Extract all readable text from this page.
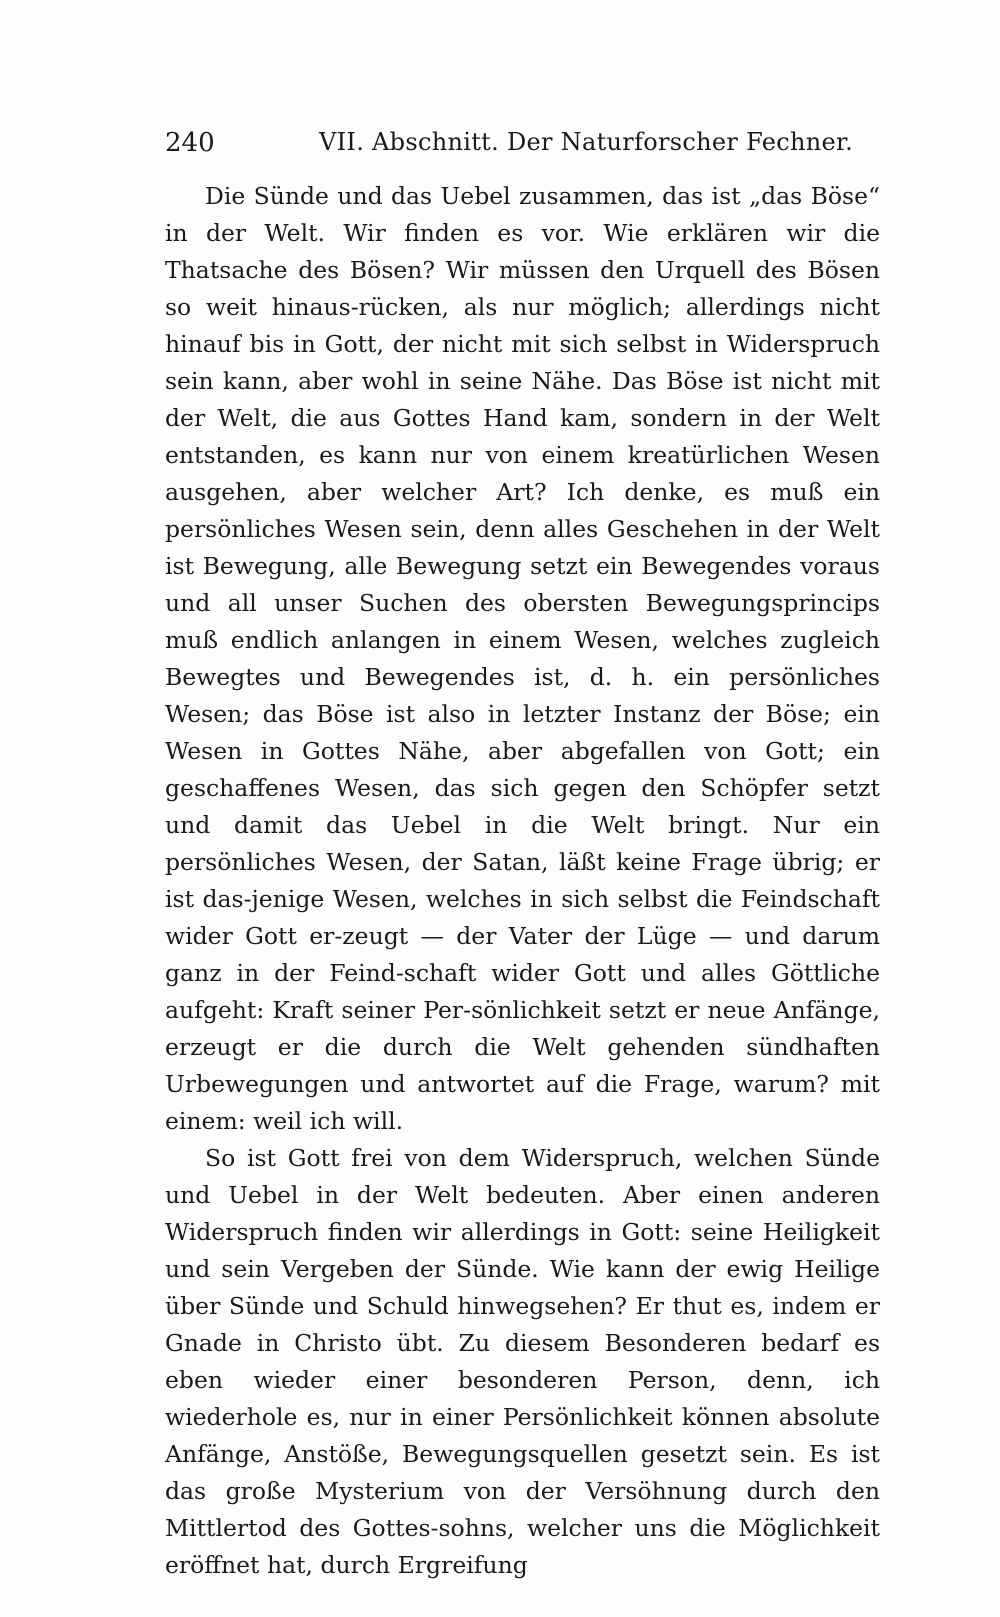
240	VII. Abschnitt. Der Naturforscher Fechner.

Die Sünde und das Uebel zusammen, das ist „das Böse“ in der Welt. Wir finden es vor. Wie erklären wir die Thatsache des Bösen? Wir müssen den Urquell des Bösen so weit hinaus-rücken, als nur möglich; allerdings nicht hinauf bis in Gott, der nicht mit sich selbst in Widerspruch sein kann, aber wohl in seine Nähe. Das Böse ist nicht mit der Welt, die aus Gottes Hand kam, sondern in der Welt entstanden, es kann nur von einem kreatürlichen Wesen ausgehen, aber welcher Art? Ich denke, es muß ein persönliches Wesen sein, denn alles Geschehen in der Welt ist Bewegung, alle Bewegung setzt ein Bewegendes voraus und all unser Suchen des obersten Bewegungsprincips muß endlich anlangen in einem Wesen, welches zugleich Bewegtes und Bewegendes ist, d. h. ein persönliches Wesen; das Böse ist also in letzter Instanz der Böse; ein Wesen in Gottes Nähe, aber abgefallen von Gott; ein geschaffenes Wesen, das sich gegen den Schöpfer setzt und damit das Uebel in die Welt bringt. Nur ein persönliches Wesen, der Satan, läßt keine Frage übrig; er ist das-jenige Wesen, welches in sich selbst die Feindschaft wider Gott er-zeugt — der Vater der Lüge — und darum ganz in der Feind-schaft wider Gott und alles Göttliche aufgeht: Kraft seiner Per-sönlichkeit setzt er neue Anfänge, erzeugt er die durch die Welt gehenden sündhaften Urbewegungen und antwortet auf die Frage, warum? mit einem: weil ich will.

So ist Gott frei von dem Widerspruch, welchen Sünde und Uebel in der Welt bedeuten. Aber einen anderen Widerspruch finden wir allerdings in Gott: seine Heiligkeit und sein Vergeben der Sünde. Wie kann der ewig Heilige über Sünde und Schuld hinwegsehen? Er thut es, indem er Gnade in Christo übt. Zu diesem Besonderen bedarf es eben wieder einer besonderen Person, denn, ich wiederhole es, nur in einer Persönlichkeit können absolute Anfänge, Anstöße, Bewegungsquellen gesetzt sein. Es ist das große Mysterium von der Versöhnung durch den Mittlertod des Gottes-sohns, welcher uns die Möglichkeit eröffnet hat, durch Ergreifung
